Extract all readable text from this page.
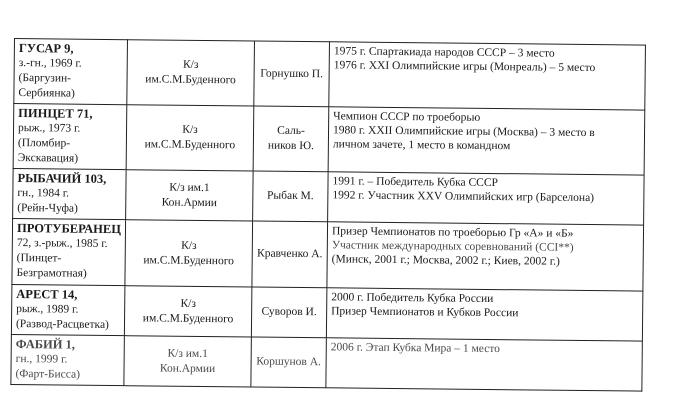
ГУСАР 9,
з.-гн., 1969 г.
(Баргузин-
Сербиянка)	К/з
им.С.М.Буденного	Горнушко П.	1975 г. Спартакиада народов СССР – 3 место
1976 г. XXI Олимпийские игры (Монреаль) – 5 место

ПИНЦЕТ 71,
рыж., 1973 г.
(Пломбир-
Экскавация)	К/з
им.С.М.Буденного	Саль-
ников Ю.	Чемпион СССР по троеборью
1980 г. XXII Олимпийские игры (Москва) – 3 место в
личном зачете, 1 место в командном

РЫБАЧИЙ 103,
гн., 1984 г.
(Рейн-Чуфа)	К/з им.1
Кон.Армии	Рыбак М.	1991 г. – Победитель Кубка СССР
1992 г. Участник XXV Олимпийских игр (Барселона)

ПРОТУБЕРАНЕЦ
72, з.-рыж., 1985 г.
(Пинцет-
Безграмотная)	К/з
им.С.М.Буденного	Кравченко А.	Призер Чемпионатов по троеборью Гр «А» и «Б»
Участник международных соревнований (CCI**)
(Минск, 2001 г.; Москва, 2002 г.; Киев, 2002 г.)

АРЕСТ 14,
рыж., 1989 г.
(Развод-Расцветка)	К/з
им.С.М.Буденного	Суворов И.	2000 г. Победитель Кубка России
Призер Чемпионатов и Кубков России

ФАБИЙ 1,
гн., 1999 г.
(Фарт-Бисса)	К/з им.1
Кон.Армии	Коршунов А.	2006 г. Этап Кубка Мира – 1 место
